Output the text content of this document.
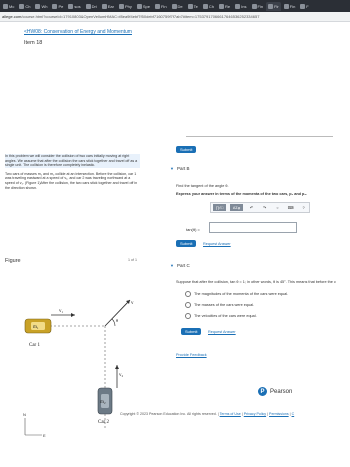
Mc	Ch	Wh	Pe	sos	Dri	Ear	Phy	Spe	Fin	De	Te	Ch	Re	Ins	Fin	Fir	Fin	F
allege.com /course.html?courseId=17910803&OpenVellumHMAC=f8ea9f4ebf7f50debf7160759f7f7ab7#item=17537917066617646536252334657
<HW08: Conservation of Energy and Momentum
Item 18
In this problem we will consider the collision of two cars initially moving at right angles. We assume that after the collision the cars stick together and travel off as a single unit. The collision is therefore completely inelastic.
Two cars of masses m₁ and m₂ collide at an intersection. Before the collision, car 1 was traveling eastward at a speed of v₁, and car 2 was traveling northward at a speed of v₂. (Figure 1)After the collision, the two cars stick together and travel off in the direction shown.
Figure	1 of 1
m₁
m₂
v₁
v₂
v
θ
Car 1
Car 2
N
E
Submit
▼ Part B
Find the tangent of the angle θ.
Express your answer in terms of the momenta of the two cars, p₁ and p₂.
∏√□	AΣφ	↶	↷	○	⌨	?
tan(θ) =
Submit	Request Answer
▼ Part C
Suppose that after the collision, tan θ = 1; in other words, θ is 45°. This means that before the c
The magnitudes of the momenta of the cars were equal.
The masses of the cars were equal.
The velocities of the cars were equal.
Submit	Request Answer
Provide Feedback
P Pearson
Copyright © 2023 Pearson Education Inc. All rights reserved. | Terms of Use | Privacy Policy | Permissions | C
